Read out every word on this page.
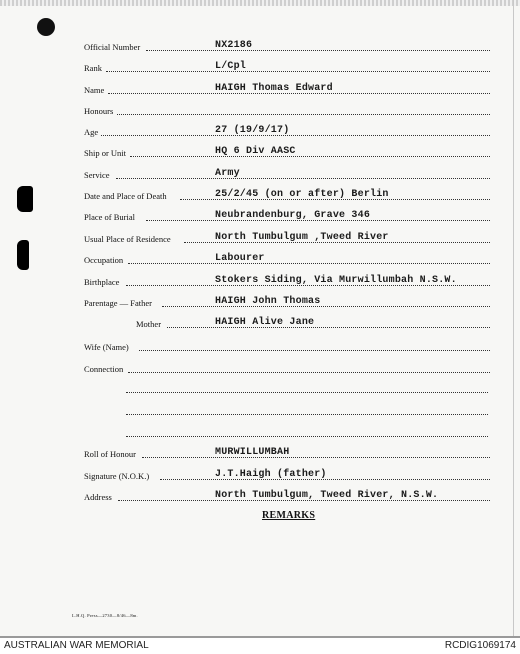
Official Number	NX2186
Rank	L/Cpl
Name	HAIGH Thomas Edward
Honours
Age	27 (19/9/17)
Ship or Unit	HQ 6 Div AASC
Service	Army
Date and Place of Death	25/2/45 (on or after) Berlin
Place of Burial	Neubrandenburg, Grave 346
Usual Place of Residence	North Tumbulgum ,Tweed River
Occupation	Labourer
Birthplace	Stokers Siding, Via Murwillumbah N.S.W.
Parentage — Father	HAIGH John Thomas
Mother	HAIGH Alive Jane
Wife (Name)
Connection
Roll of Honour	MURWILLUMBAH
Signature (N.O.K.)	J.T.Haigh (father)
Address	North Tumbulgum, Tweed River, N.S.W.
REMARKS
L.H.Q. Press—2730—8/46—8m.
AUSTRALIAN WAR MEMORIAL	RCDIG1069174
